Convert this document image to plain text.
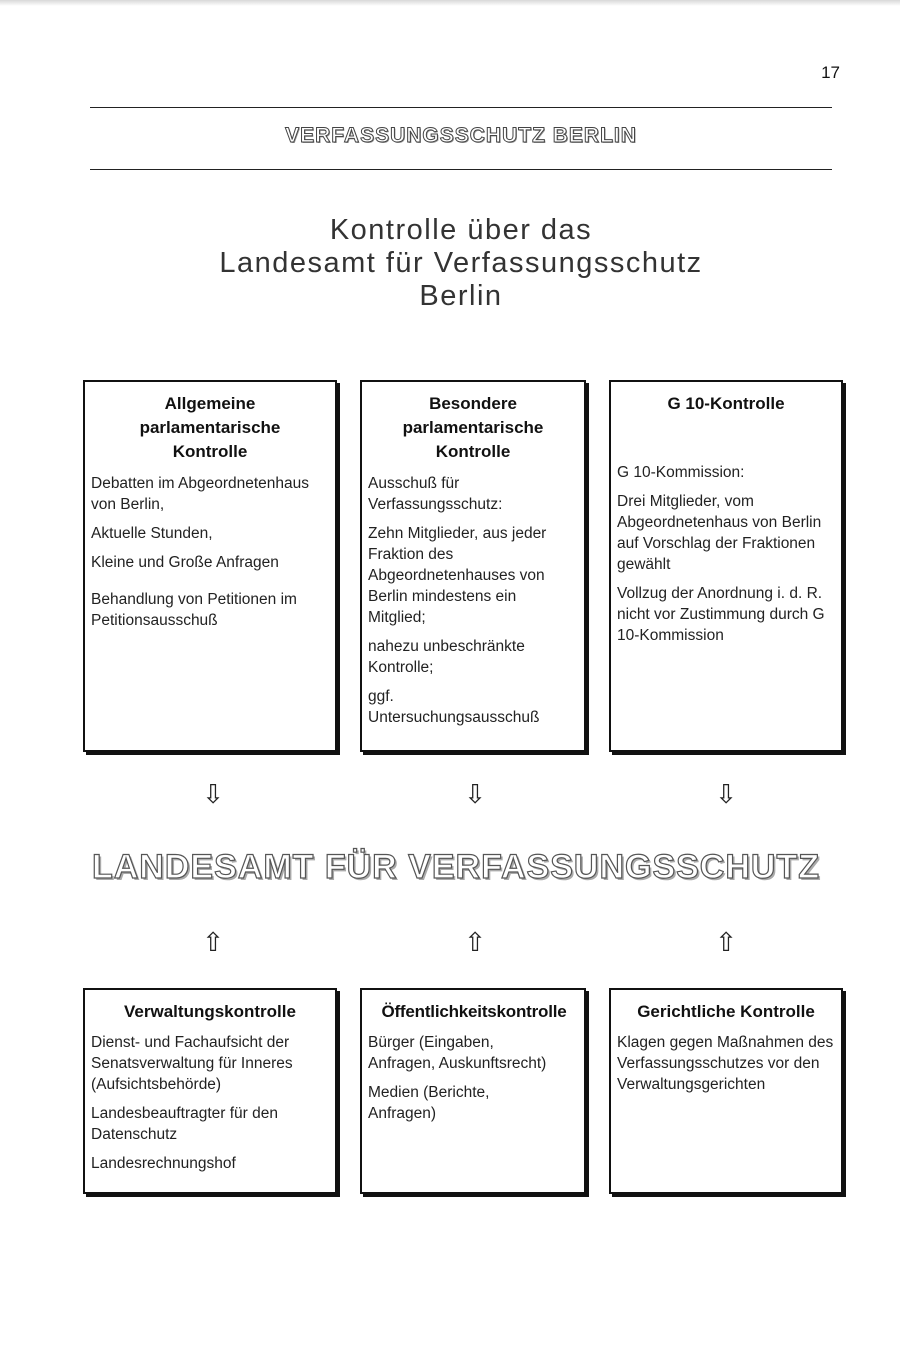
17
VERFASSUNGSSCHUTZ BERLIN
Kontrolle über das
Landesamt für Verfassungsschutz
Berlin
Allgemeine
parlamentarische
Kontrolle

Debatten im Abgeordnetenhaus von Berlin,

Aktuelle Stunden,

Kleine und Große Anfragen

Behandlung von Petitionen im Petitionsausschuß

Besondere
parlamentarische
Kontrolle

Ausschuß für Verfassungsschutz:

Zehn Mitglieder, aus jeder Fraktion des Abgeordnetenhauses von Berlin mindestens ein Mitglied;

nahezu unbeschränkte Kontrolle;

ggf. Untersuchungsausschuß

G 10-Kontrolle

G 10-Kommission:

Drei Mitglieder, vom Abgeordnetenhaus von Berlin auf Vorschlag der Fraktionen gewählt

Vollzug der Anordnung i. d. R. nicht vor Zustimmung durch G 10-Kommission

⇩	⇩	⇩
LANDESAMT FÜR VERFASSUNGSSCHUTZ
⇧	⇧	⇧
Verwaltungskontrolle

Dienst- und Fachaufsicht der Senatsverwaltung für Inneres (Aufsichtsbehörde)

Landesbeauftragter für den Datenschutz

Landesrechnungshof

Öffentlichkeitskontrolle

Bürger (Eingaben, Anfragen, Auskunftsrecht)

Medien (Berichte, Anfragen)

Gerichtliche Kontrolle

Klagen gegen Maßnahmen des Verfassungsschutzes vor den Verwaltungsgerichten
